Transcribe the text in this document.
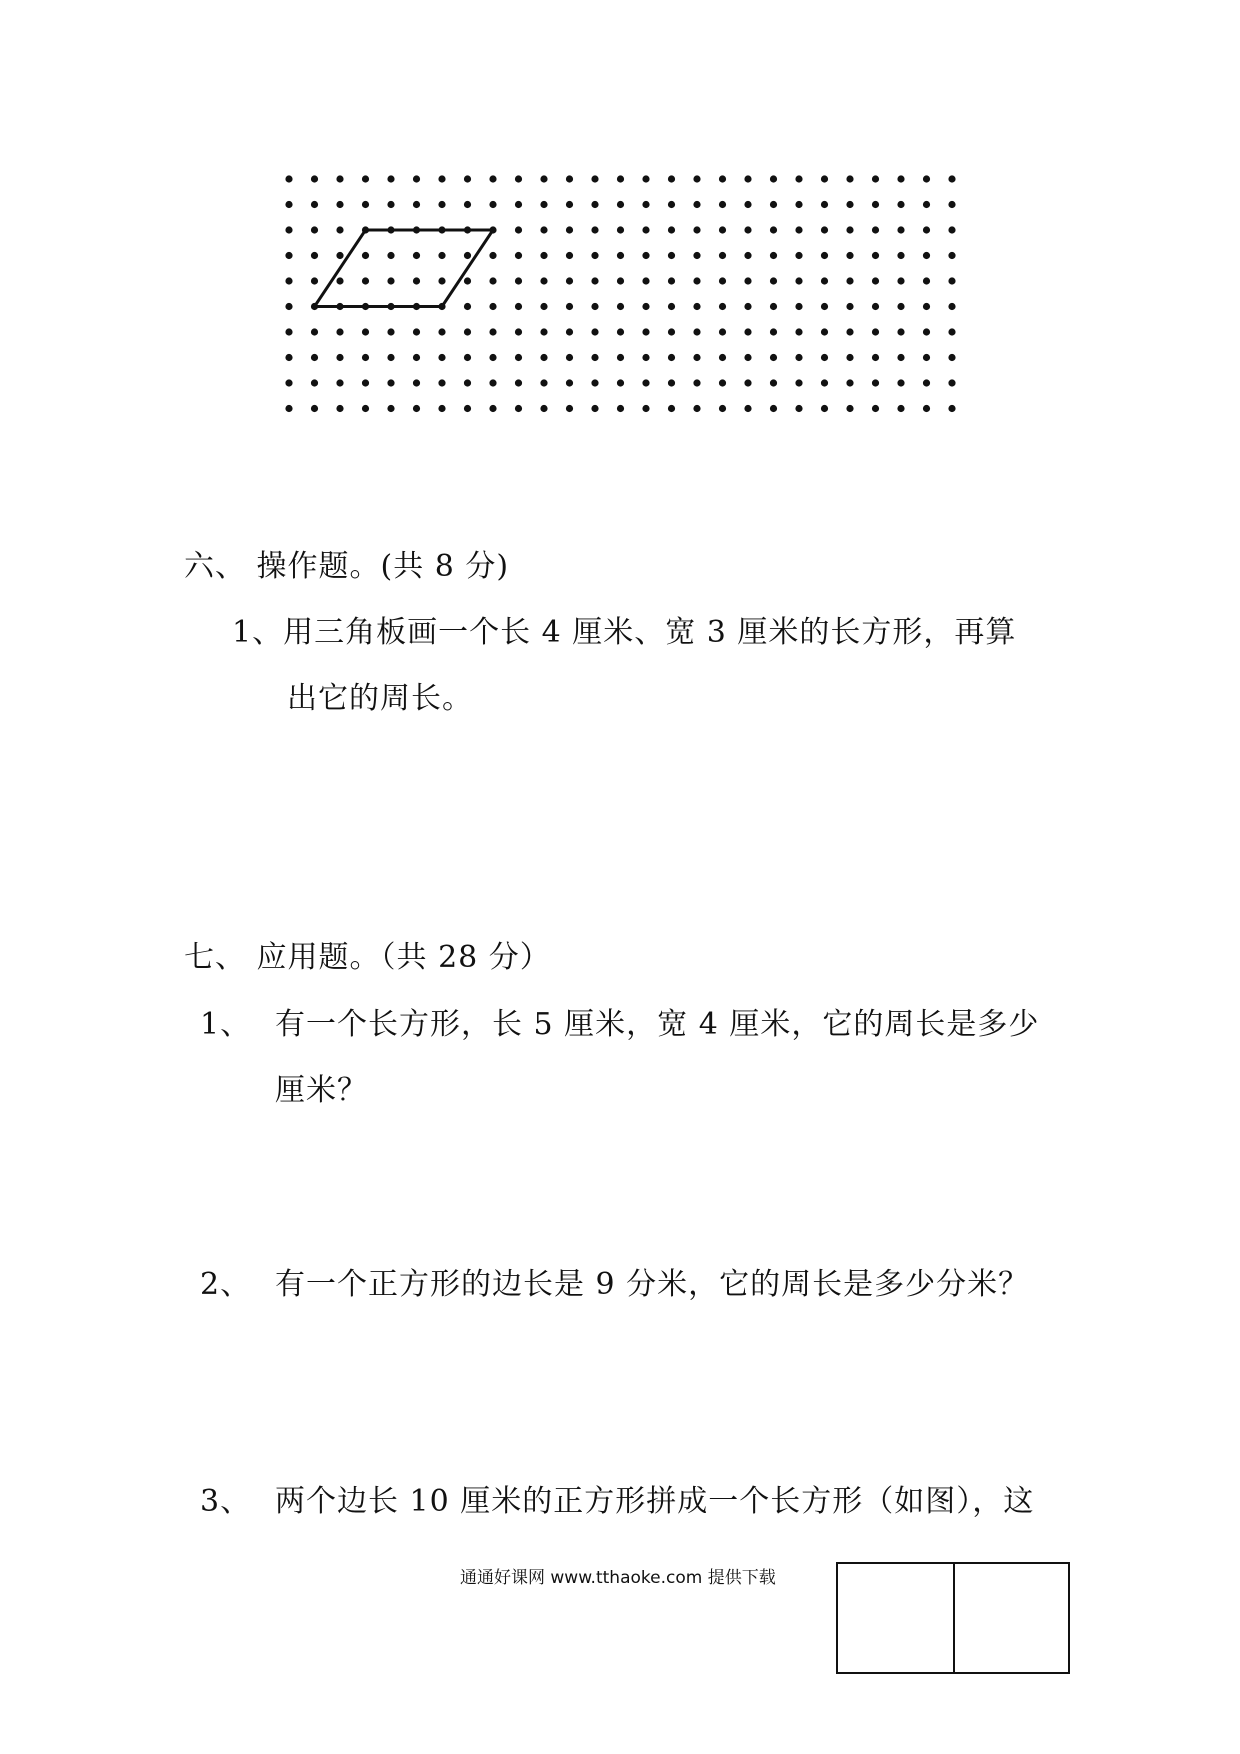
六、 操作题。(共 8 分)
1、用三角板画一个长 4 厘米、宽 3 厘米的长方形，再算
出它的周长。
七、 应用题。（共 28 分）
1、 有一个长方形，长 5 厘米，宽 4 厘米，它的周长是多少
厘米？
2、 有一个正方形的边长是 9 分米，它的周长是多少分米？
3、 两个边长 10 厘米的正方形拼成一个长方形（如图），这
通通好课网 www.tthaoke.com 提供下载
